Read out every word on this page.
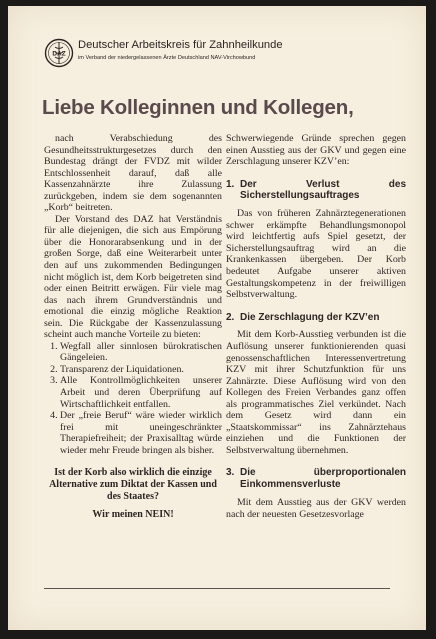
DAZ
Deutscher Arbeitskreis für Zahnheilkunde
im Verband der niedergelassenen Ärzte Deutschland NAV-Virchowbund
Liebe Kolleginnen und Kollegen,

nach Verabschiedung des Gesundheitsstrukturgesetzes durch den Bundestag drängt der FVDZ mit wilder Entschlossenheit darauf, daß alle Kassenzahnärzte ihre Zulassung zurückgeben, indem sie dem sogenannten „Korb“ beitreten.

Der Vorstand des DAZ hat Verständnis für alle diejenigen, die sich aus Empörung über die Honorarabsenkung und in der großen Sorge, daß eine Weiterarbeit unter den auf uns zukommenden Bedingungen nicht möglich ist, dem Korb beigetreten sind oder einen Beitritt erwägen. Für viele mag das nach ihrem Grundverständnis und emotional die einzig mögliche Reaktion sein. Die Rückgabe der Kassenzulassung scheint auch manche Vorteile zu bieten:

1. Wegfall aller sinnlosen bürokratischen Gängeleien.
2. Transparenz der Liquidationen.
3. Alle Kontrollmöglichkeiten unserer Arbeit und deren Überprüfung auf Wirtschaftlichkeit entfallen.
4. Der „freie Beruf“ wäre wieder wirklich frei mit uneingeschränkter Therapiefreiheit; der Praxisalltag würde wieder mehr Freude bringen als bisher.
Ist der Korb also wirklich die einzige Alternative zum Diktat der Kassen und des Staates?
Wir meinen NEIN!

Schwerwiegende Gründe sprechen gegen einen Ausstieg aus der GKV und gegen eine Zerschlagung unserer KZV’en:

1. Der Verlust des Sicherstellungsauftrages

Das von früheren Zahnärztegenerationen schwer erkämpfte Behandlungsmonopol wird leichtfertig aufs Spiel gesetzt, der Sicherstellungsauftrag wird an die Krankenkassen übergeben. Der Korb bedeutet Aufgabe unserer aktiven Gestaltungskompetenz in der freiwilligen Selbstverwaltung.

2. Die Zerschlagung der KZV’en

Mit dem Korb-Ausstieg verbunden ist die Auflösung unserer funktionierenden quasi genossenschaftlichen Interessenvertretung KZV mit ihrer Schutzfunktion für uns Zahnärzte. Diese Auflösung wird von den Kollegen des Freien Verbandes ganz offen als programmatisches Ziel verkündet. Nach dem Gesetz wird dann ein „Staatskommissar“ ins Zahnärztehaus einziehen und die Funktionen der Selbstverwaltung übernehmen.

3. Die überproportionalen Einkommensverluste

Mit dem Ausstieg aus der GKV werden nach der neuesten Gesetzesvorlage
